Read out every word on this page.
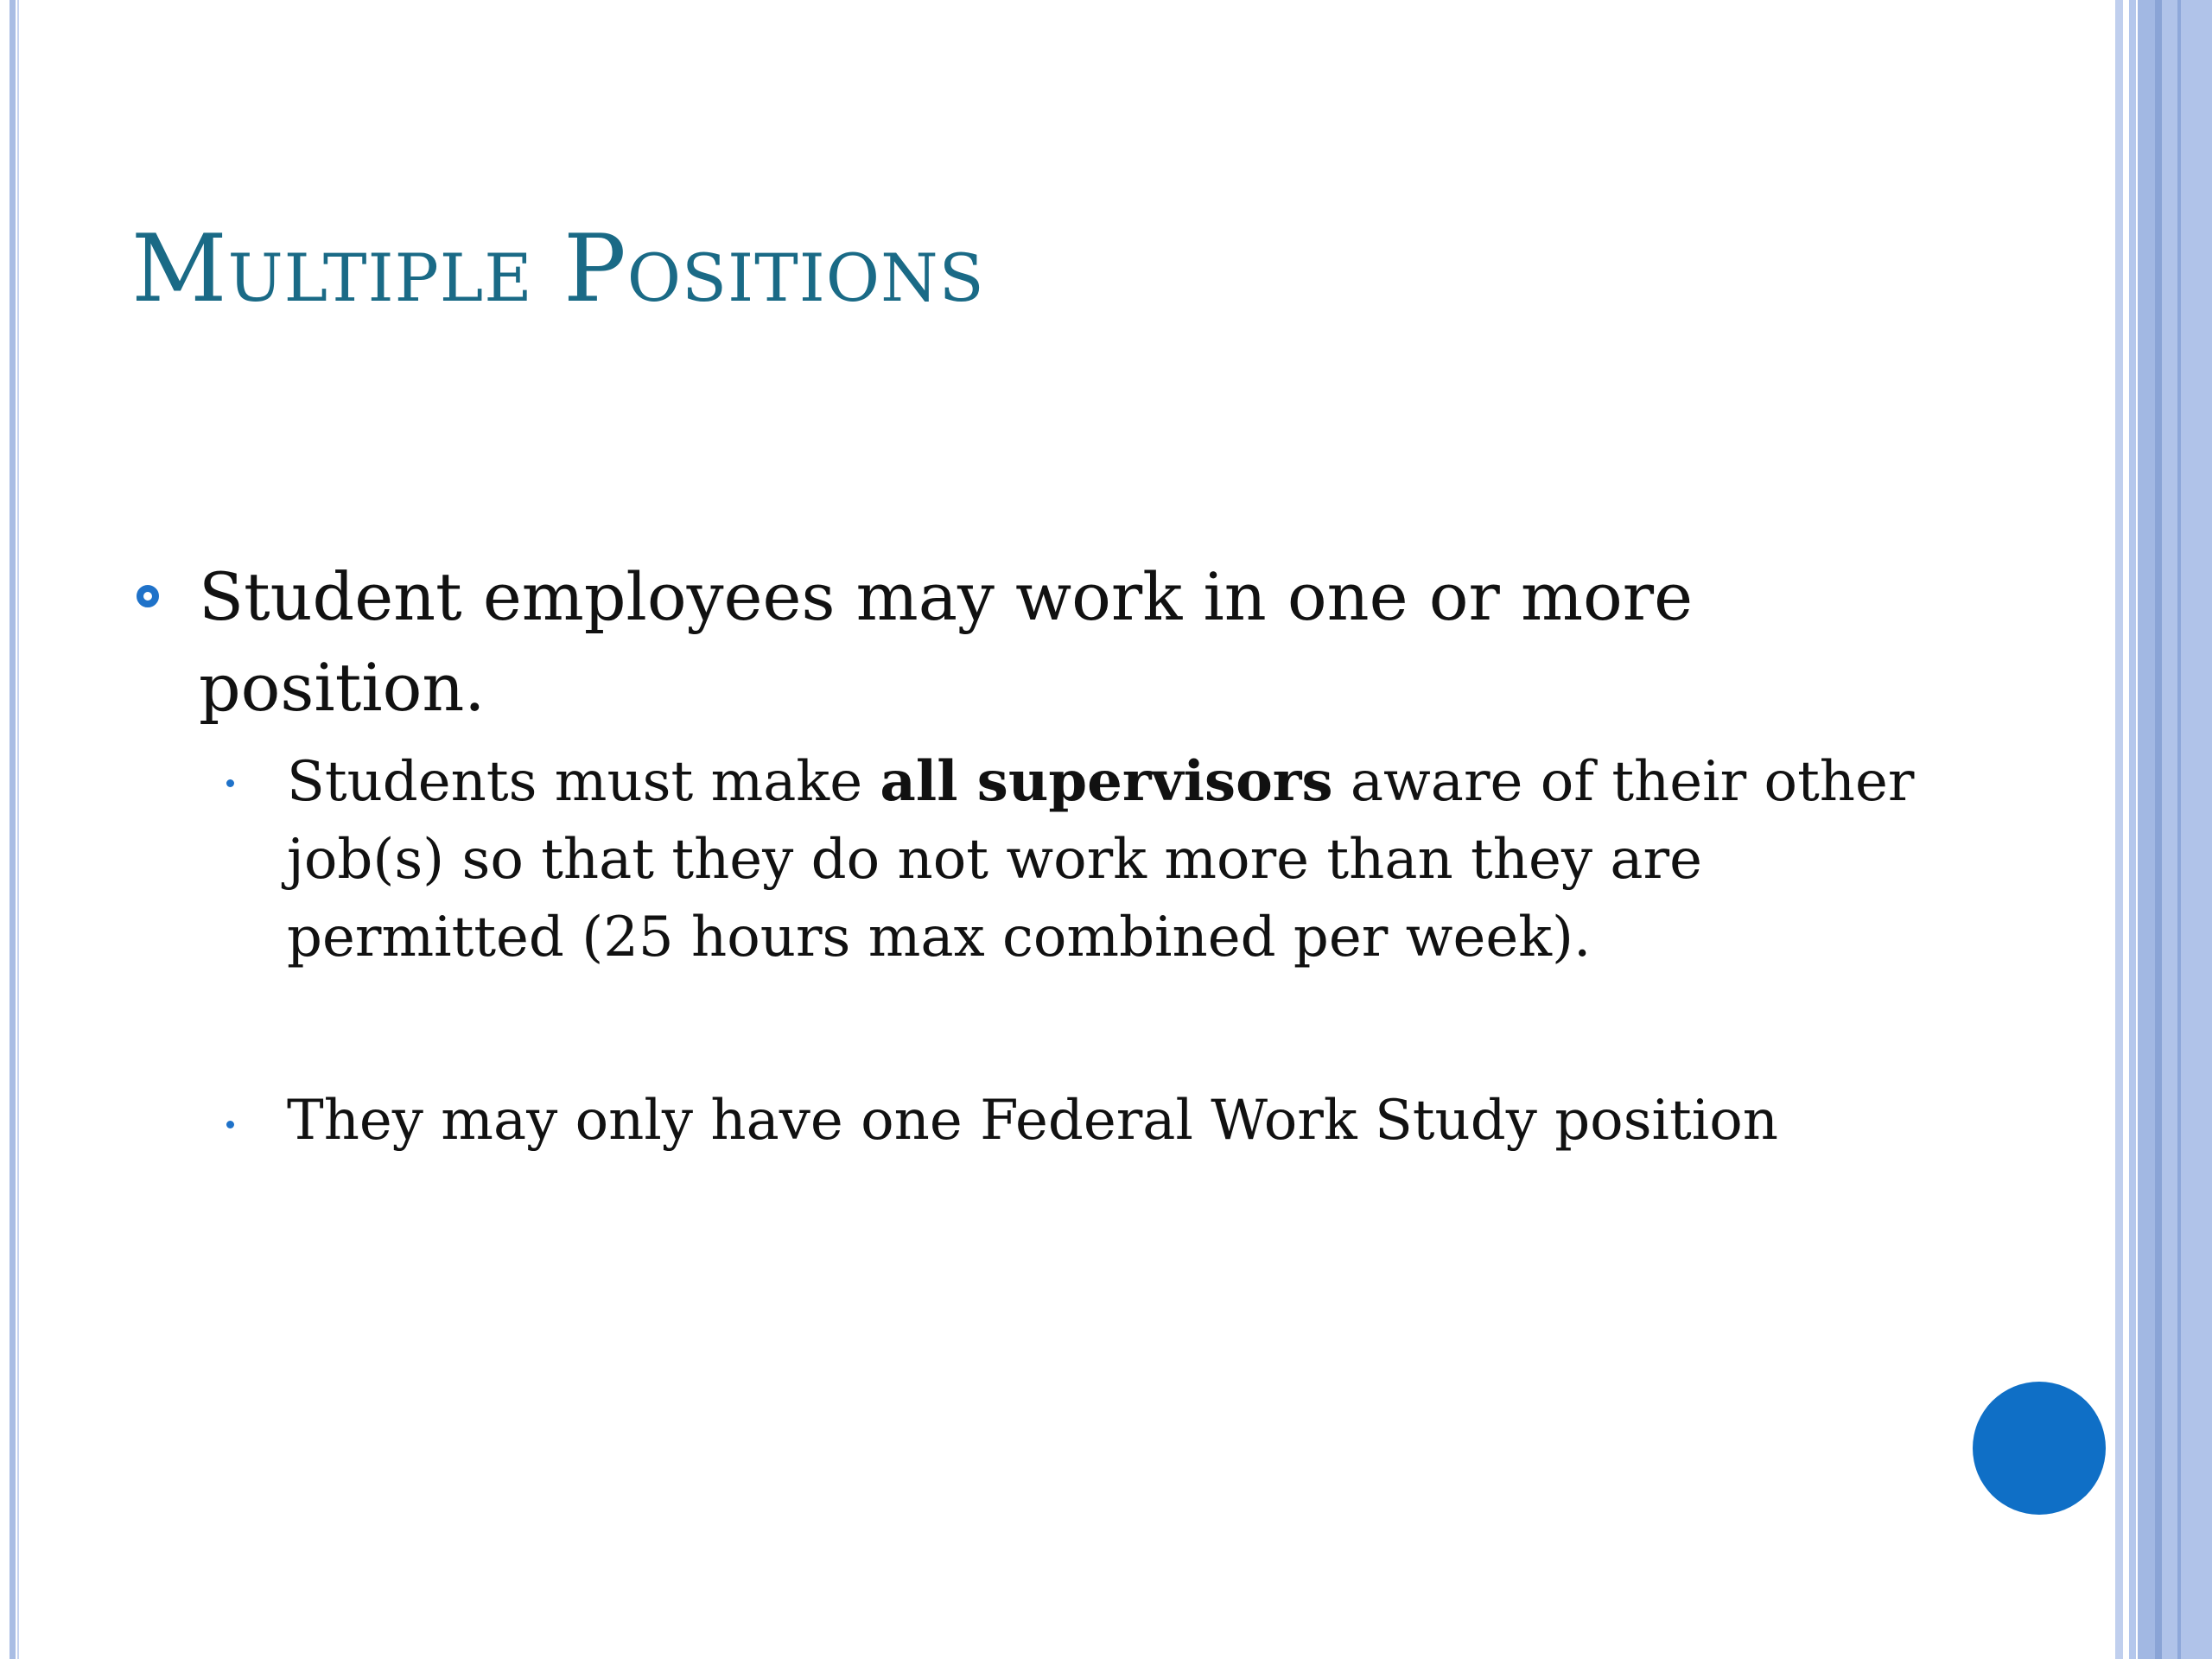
Multiple Positions
Student employees may work in one or more position.
Students must make all supervisors aware of their other job(s) so that they do not work more than they are permitted (25 hours max combined per week).
They may only have one Federal Work Study position
